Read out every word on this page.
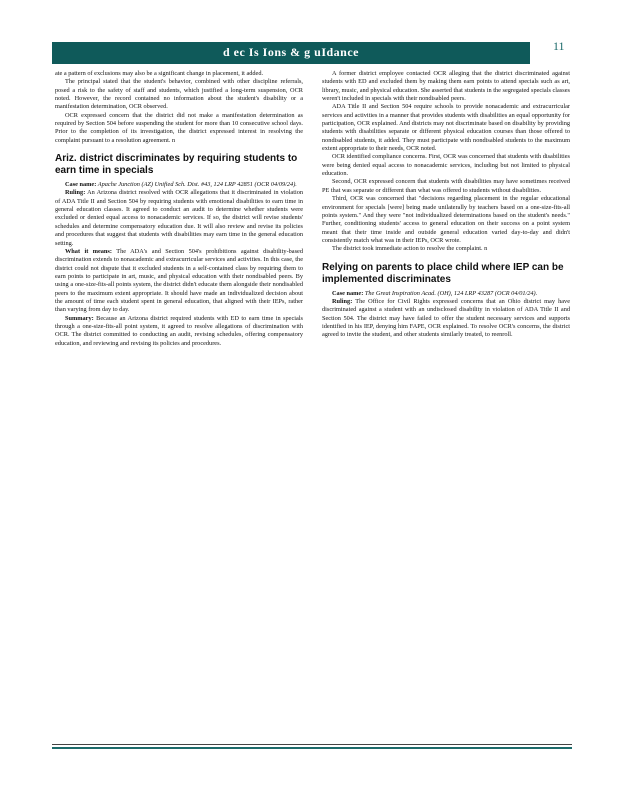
d ec Is Ions & g uIdance	11

ate a pattern of exclusions may also be a significant change in placement, it added.

The principal stated that the student's behavior, combined with other discipline referrals, posed a risk to the safety of staff and students, which justified a long-term suspension, OCR noted. However, the record contained no information about the student's disability or a manifestation determination, OCR observed.

OCR expressed concern that the district did not make a manifestation determination as required by Section 504 before suspending the student for more than 10 consecutive school days. Prior to the completion of its investigation, the district expressed interest in resolving the complaint pursuant to a resolution agreement. n

Ariz. district discriminates by requiring students to earn time in specials

Case name: Apache Junction (AZ) Unified Sch. Dist. #43, 124 LRP 42851 (OCR 04/09/24).

Ruling: An Arizona district resolved with OCR allegations that it discriminated in violation of ADA Title II and Section 504 by requiring students with emotional disabilities to earn time in general education classes. It agreed to conduct an audit to determine whether students were excluded or denied equal access to nonacademic services. If so, the district will revise students' schedules and determine compensatory education due. It will also review and revise its policies and procedures that suggest that students with disabilities may earn time in the general education setting.

What it means: The ADA's and Section 504's prohibitions against disability-based discrimination extends to nonacademic and extracurricular services and activities. In this case, the district could not dispute that it excluded students in a self-contained class by requiring them to earn points to participate in art, music, and physical education with their nondisabled peers. By using a one-size-fits-all points system, the district didn't educate them alongside their nondisabled peers to the maximum extent appropriate. It should have made an individualized decision about the amount of time each student spent in general education, that aligned with their IEPs, rather than varying from day to day.

Summary: Because an Arizona district required students with ED to earn time in specials through a one-size-fits-all point system, it agreed to resolve allegations of discrimination with OCR. The district committed to conducting an audit, revising schedules, offering compensatory education, and reviewing and revising its policies and procedures.

A former district employee contacted OCR alleging that the district discriminated against students with ED and excluded them by making them earn points to attend specials such as art, library, music, and physical education. She asserted that students in the segregated specials classes weren't included in specials with their nondisabled peers.

ADA Title II and Section 504 require schools to provide nonacademic and extracurricular services and activities in a manner that provides students with disabilities an equal opportunity for participation, OCR explained. And districts may not discriminate based on disability by providing students with disabilities separate or different physical education courses than those offered to nondisabled students, it added. They must participate with nondisabled students to the maximum extent appropriate to their needs, OCR noted.

OCR identified compliance concerns. First, OCR was concerned that students with disabilities were being denied equal access to nonacademic services, including but not limited to physical education.

Second, OCR expressed concern that students with disabilities may have sometimes received PE that was separate or different than what was offered to students without disabilities.

Third, OCR was concerned that "decisions regarding placement in the regular educational environment for specials [were] being made unilaterally by teachers based on a one-size-fits-all points system." And they were "not individualized determinations based on the student's needs." Further, conditioning students' access to general education on their success on a point system meant that their time inside and outside general education varied day-to-day and didn't consistently match what was in their IEPs, OCR wrote.

The district took immediate action to resolve the complaint. n

Relying on parents to place child where IEP can be implemented discriminates

Case name: The Great Inspiration Acad. (OH), 124 LRP 43287 (OCR 04/01/24).

Ruling: The Office for Civil Rights expressed concerns that an Ohio district may have discriminated against a student with an undisclosed disability in violation of ADA Title II and Section 504. The district may have failed to offer the student necessary services and supports identified in his IEP, denying him FAPE, OCR explained. To resolve OCR's concerns, the district agreed to invite the student, and other students similarly treated, to reenroll.
